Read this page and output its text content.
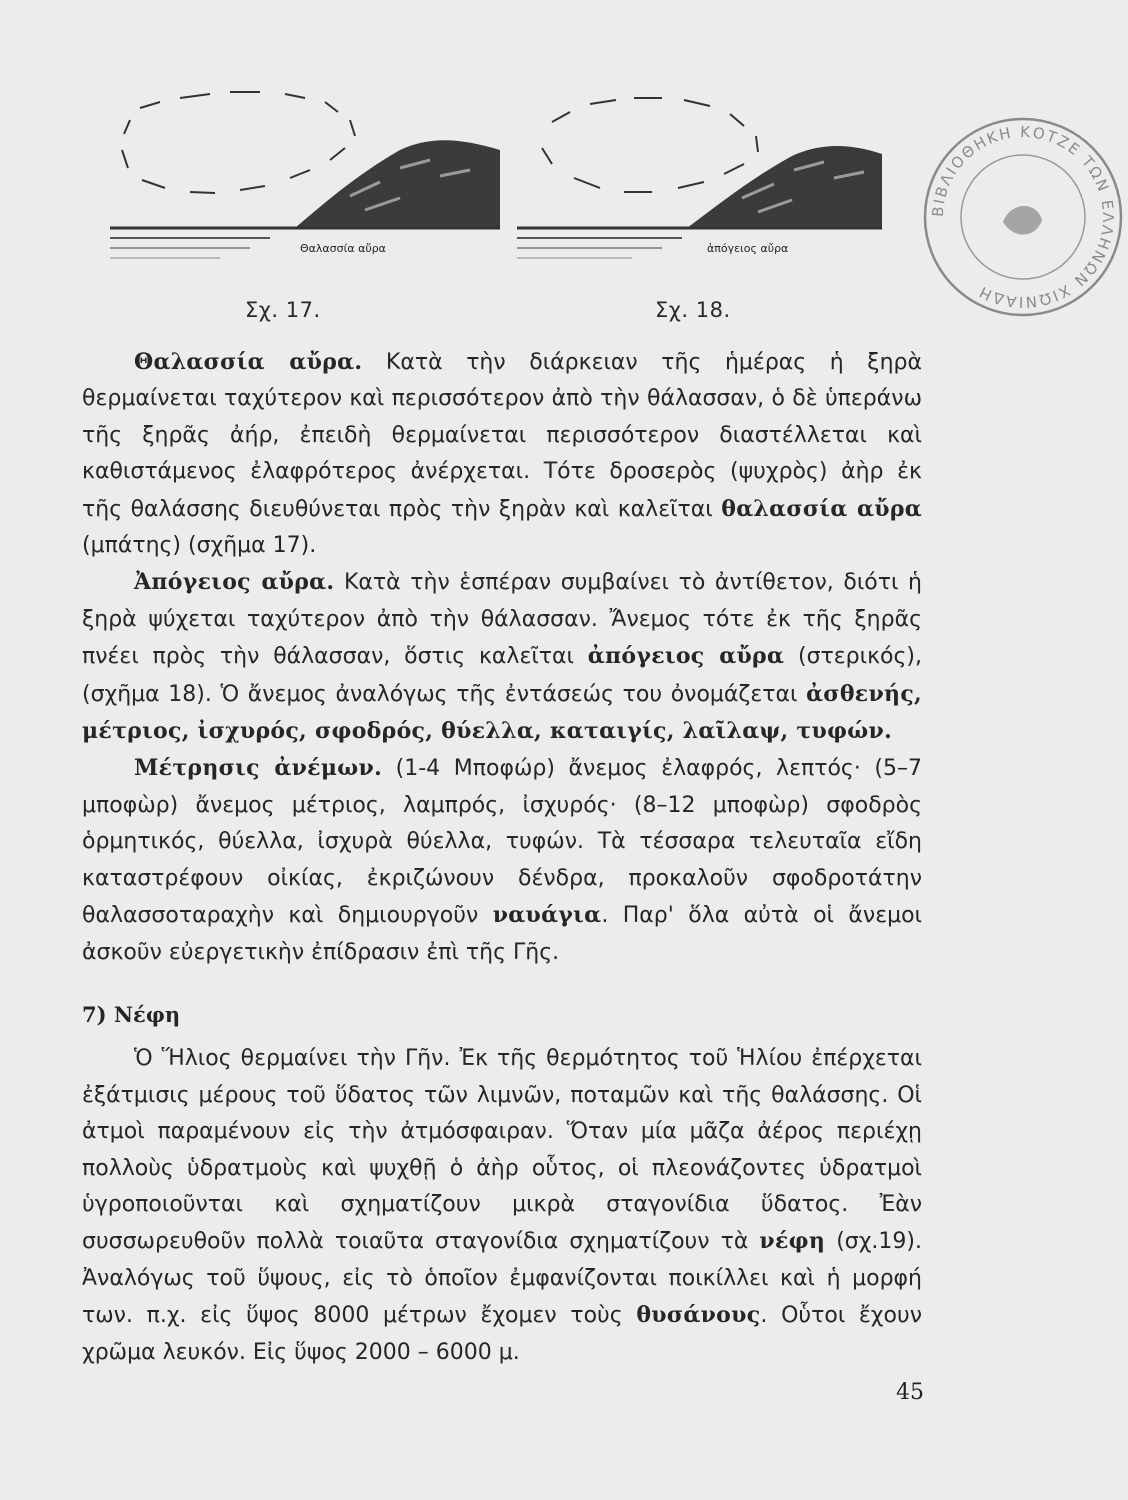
Θαλασσία αὔρα	ἀπόγειος αὔρα
Σχ. 17.	Σχ. 18.
ΒΙΒΛΙΟΘΗΚΗ ΚΟΤΖΕ ΤΩΝ ΕΛΛΗΝΩΝ ΧΙΩΝΙΑΔΗ

Θαλασσία αὔρα. Κατὰ τὴν διάρκειαν τῆς ἡμέρας ἡ ξηρὰ θερμαίνεται ταχύτερον καὶ περισσότερον ἀπὸ τὴν θάλασσαν, ὁ δὲ ὑπεράνω τῆς ξηρᾶς ἀήρ, ἐπειδὴ θερμαίνεται περισσότερον διαστέλλεται καὶ καθιστάμενος ἐλαφρότερος ἀνέρχεται. Τότε δροσερὸς (ψυχρὸς) ἀὴρ ἐκ τῆς θαλάσσης διευθύνεται πρὸς τὴν ξηρὰν καὶ καλεῖται θαλασσία αὔρα (μπάτης) (σχῆμα 17).

Ἀπόγειος αὔρα. Κατὰ τὴν ἑσπέραν συμβαίνει τὸ ἀντίθετον, διότι ἡ ξηρὰ ψύχεται ταχύτερον ἀπὸ τὴν θάλασσαν. Ἄνεμος τότε ἐκ τῆς ξηρᾶς πνέει πρὸς τὴν θάλασσαν, ὅστις καλεῖται ἀπόγειος αὔρα (στερικός), (σχῆμα 18). Ὁ ἄνεμος ἀναλόγως τῆς ἐντάσεώς του ὀνομάζεται ἀσθενής, μέτριος, ἰσχυρός, σφοδρός, θύελλα, καταιγίς, λαῖλαψ, τυφών.

Μέτρησις ἀνέμων. (1-4 Μποφώρ) ἄνεμος ἐλαφρός, λεπτός· (5–7 μποφὼρ) ἄνεμος μέτριος, λαμπρός, ἰσχυρός· (8–12 μποφὼρ) σφοδρὸς ὁρμητικός, θύελλα, ἰσχυρὰ θύελλα, τυφών. Τὰ τέσσαρα τελευταῖα εἴδη καταστρέφουν οἰκίας, ἐκριζώνουν δένδρα, προκαλοῦν σφοδροτάτην θαλασσοταραχὴν καὶ δημιουργοῦν ναυάγια. Παρ' ὅλα αὐτὰ οἱ ἄνεμοι ἀσκοῦν εὐεργετικὴν ἐπίδρασιν ἐπὶ τῆς Γῆς.

7) Νέφη

Ὁ Ἥλιος θερμαίνει τὴν Γῆν. Ἐκ τῆς θερμότητος τοῦ Ἡλίου ἐπέρχεται ἐξάτμισις μέρους τοῦ ὕδατος τῶν λιμνῶν, ποταμῶν καὶ τῆς θαλάσσης. Οἱ ἀτμοὶ παραμένουν εἰς τὴν ἀτμόσφαιραν. Ὅταν μία μᾶζα ἀέρος περιέχῃ πολλοὺς ὑδρατμοὺς καὶ ψυχθῇ ὁ ἀὴρ οὗτος, οἱ πλεονάζοντες ὑδρατμοὶ ὑγροποιοῦνται καὶ σχηματίζουν μικρὰ σταγονίδια ὕδατος. Ἐὰν συσσωρευθοῦν πολλὰ τοιαῦτα σταγονίδια σχηματίζουν τὰ νέφη (σχ.19). Ἀναλόγως τοῦ ὕψους, εἰς τὸ ὁποῖον ἐμφανίζονται ποικίλλει καὶ ἡ μορφή των. π.χ. εἰς ὕψος 8000 μέτρων ἔχομεν τοὺς θυσάνους. Οὗτοι ἔχουν χρῶμα λευκόν. Εἰς ὕψος 2000 – 6000 μ.

45
